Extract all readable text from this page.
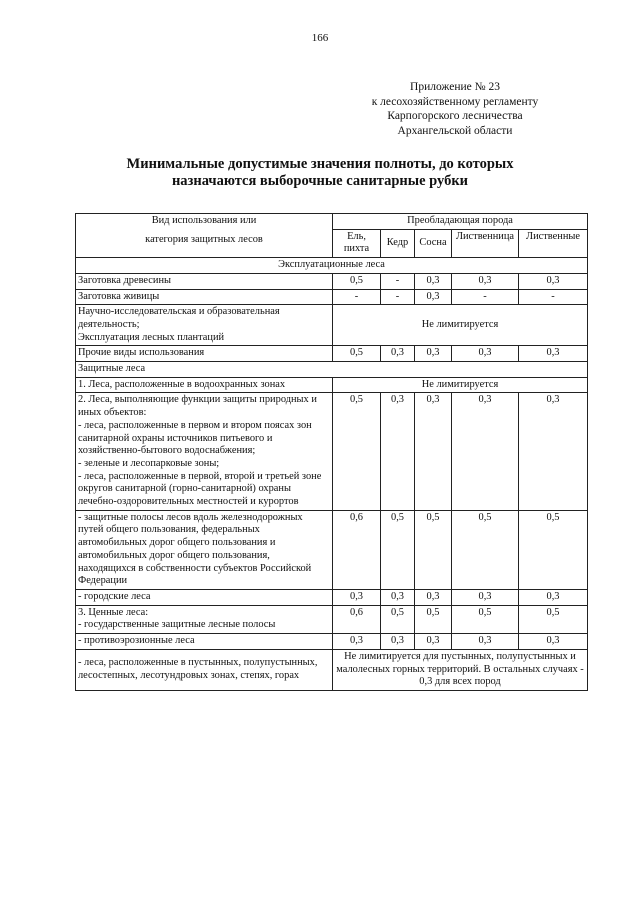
166
Приложение № 23
к лесохозяйственному регламенту
Карпогорского лесничества
Архангельской области
Минимальные допустимые значения полноты, до которых
назначаются выборочные санитарные рубки
Вид использования или
категория защитных лесов	Преобладающая порода				
	Ель, пихта	Кедр	Сосна	Лиственница	Лиственные
Эксплуатационные леса					
Заготовка древесины	0,5	-	0,3	0,3	0,3
Заготовка живицы	-	-	0,3	-	-

Научно-исследовательская и образовательная деятельность;
Эксплуатация лесных плантаций	Не лимитируется				
Прочие виды использования	0,5	0,3	0,3	0,3	0,3
Защитные леса					
1. Леса, расположенные в водоохранных зонах	Не лимитируется				

2. Леса, выполняющие функции защиты природных и иных объектов:
- леса, расположенные в первом и втором поясах зон санитарной охраны источников питьевого и хозяйственно-бытового водоснабжения;
- зеленые и лесопарковые зоны;
- леса, расположенные в первой, второй и третьей зоне округов санитарной (горно-санитарной) охраны лечебно-оздоровительных местностей и курортов	0,5	0,3	0,3	0,3	0,3
- защитные полосы лесов вдоль железнодорожных путей общего пользования, федеральных автомобильных дорог общего пользования и автомобильных дорог общего пользования, находящихся в собственности субъектов Российской Федерации	0,6	0,5	0,5	0,5	0,5
- городские леса	0,3	0,3	0,3	0,3	0,3

3. Ценные леса:
- государственные защитные лесные полосы	0,6	0,5	0,5	0,5	0,5
- противоэрозионные леса	0,3	0,3	0,3	0,3	0,3
- леса, расположенные в пустынных, полупустынных, лесостепных, лесотундровых зонах, степях, горах	Не лимитируется для пустынных, полупустынных и малолесных горных территорий. В остальных случаях - 0,3 для всех пород				
